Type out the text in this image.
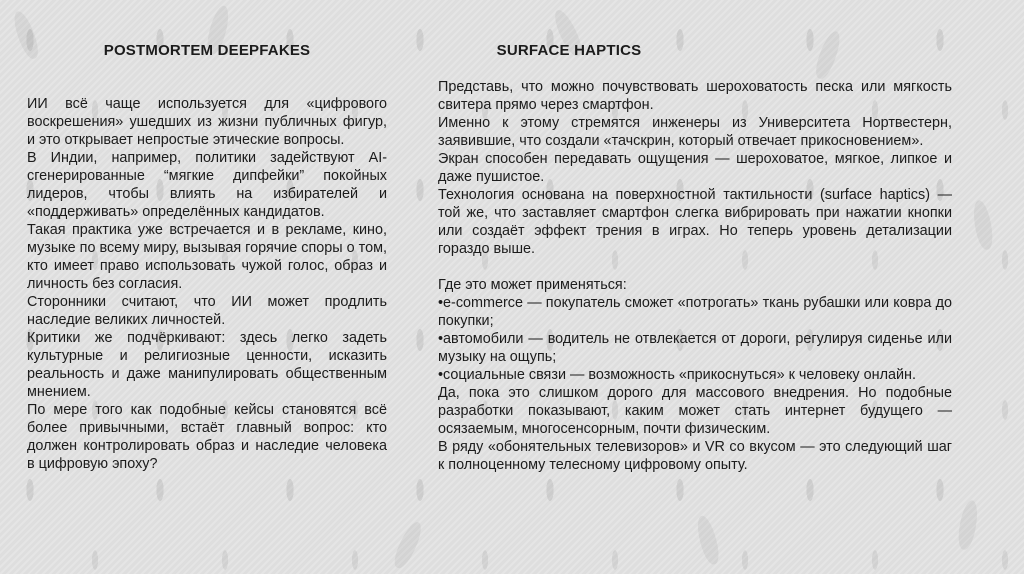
POSTMORTEM DEEPFAKES

ИИ всё чаще используется для «цифрового воскрешения» ушедших из жизни публичных фигур, и это открывает непростые этические вопросы.

В Индии, например, политики задействуют AI-сгенерированные “мягкие дипфейки” покойных лидеров, чтобы влиять на избирателей и «поддерживать» определённых кандидатов.

Такая практика уже встречается и в рекламе, кино, музыке по всему миру, вызывая горячие споры о том, кто имеет право использовать чужой голос, образ и личность без согласия.

Сторонники считают, что ИИ может продлить наследие великих личностей.

Критики же подчёркивают: здесь легко задеть культурные и религиозные ценности, исказить реальность и даже манипулировать общественным мнением.

По мере того как подобные кейсы становятся всё более привычными, встаёт главный вопрос: кто должен контролировать образ и наследие человека в цифровую эпоху?

SURFACE HAPTICS

Представь, что можно почувствовать шероховатость песка или мягкость свитера прямо через смартфон.

Именно к этому стремятся инженеры из Университета Нортвестерн, заявившие, что создали «тачскрин, который отвечает прикосновением».

Экран способен передавать ощущения — шероховатое, мягкое, липкое и даже пушистое.

Технология основана на поверхностной тактильности (surface haptics) — той же, что заставляет смартфон слегка вибрировать при нажатии кнопки или создаёт эффект трения в играх. Но теперь уровень детализации гораздо выше.

Где это может применяться:

•e-commerce — покупатель сможет «потрогать» ткань рубашки или ковра до покупки;

•автомобили — водитель не отвлекается от дороги, регулируя сиденье или музыку на ощупь;

•социальные связи — возможность «прикоснуться» к человеку онлайн.

Да, пока это слишком дорого для массового внедрения. Но подобные разработки показывают, каким может стать интернет будущего — осязаемым, многосенсорным, почти физическим.

В ряду «обонятельных телевизоров» и VR со вкусом — это следующий шаг к полноценному телесному цифровому опыту.
